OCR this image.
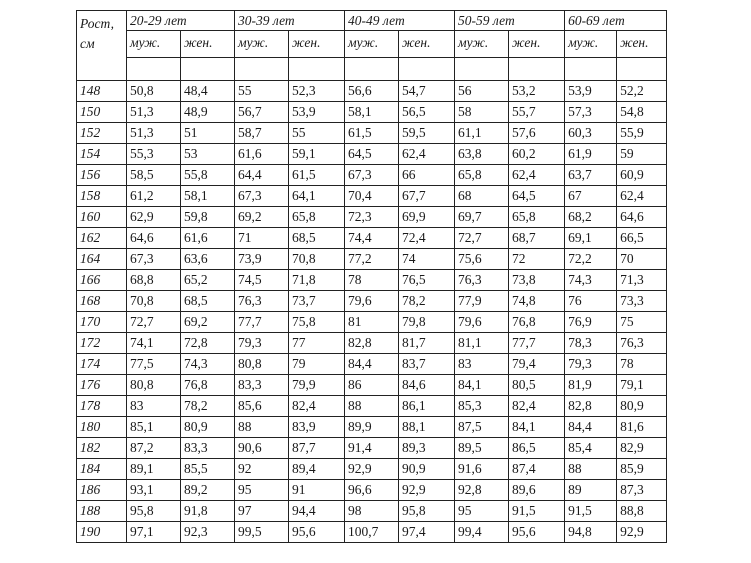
Рост,
см	20-29 лет		30-39 лет		40-49 лет		50-59 лет		60-69 лет	
	муж.	жен.	муж.	жен.	муж.	жен.	муж.	жен.	муж.	жен.

148	50,8	48,4	55	52,3	56,6	54,7	56	53,2	53,9	52,2
150	51,3	48,9	56,7	53,9	58,1	56,5	58	55,7	57,3	54,8
152	51,3	51	58,7	55	61,5	59,5	61,1	57,6	60,3	55,9
154	55,3	53	61,6	59,1	64,5	62,4	63,8	60,2	61,9	59
156	58,5	55,8	64,4	61,5	67,3	66	65,8	62,4	63,7	60,9
158	61,2	58,1	67,3	64,1	70,4	67,7	68	64,5	67	62,4
160	62,9	59,8	69,2	65,8	72,3	69,9	69,7	65,8	68,2	64,6
162	64,6	61,6	71	68,5	74,4	72,4	72,7	68,7	69,1	66,5
164	67,3	63,6	73,9	70,8	77,2	74	75,6	72	72,2	70
166	68,8	65,2	74,5	71,8	78	76,5	76,3	73,8	74,3	71,3
168	70,8	68,5	76,3	73,7	79,6	78,2	77,9	74,8	76	73,3
170	72,7	69,2	77,7	75,8	81	79,8	79,6	76,8	76,9	75
172	74,1	72,8	79,3	77	82,8	81,7	81,1	77,7	78,3	76,3
174	77,5	74,3	80,8	79	84,4	83,7	83	79,4	79,3	78
176	80,8	76,8	83,3	79,9	86	84,6	84,1	80,5	81,9	79,1
178	83	78,2	85,6	82,4	88	86,1	85,3	82,4	82,8	80,9
180	85,1	80,9	88	83,9	89,9	88,1	87,5	84,1	84,4	81,6
182	87,2	83,3	90,6	87,7	91,4	89,3	89,5	86,5	85,4	82,9
184	89,1	85,5	92	89,4	92,9	90,9	91,6	87,4	88	85,9
186	93,1	89,2	95	91	96,6	92,9	92,8	89,6	89	87,3
188	95,8	91,8	97	94,4	98	95,8	95	91,5	91,5	88,8
190	97,1	92,3	99,5	95,6	100,7	97,4	99,4	95,6	94,8	92,9
